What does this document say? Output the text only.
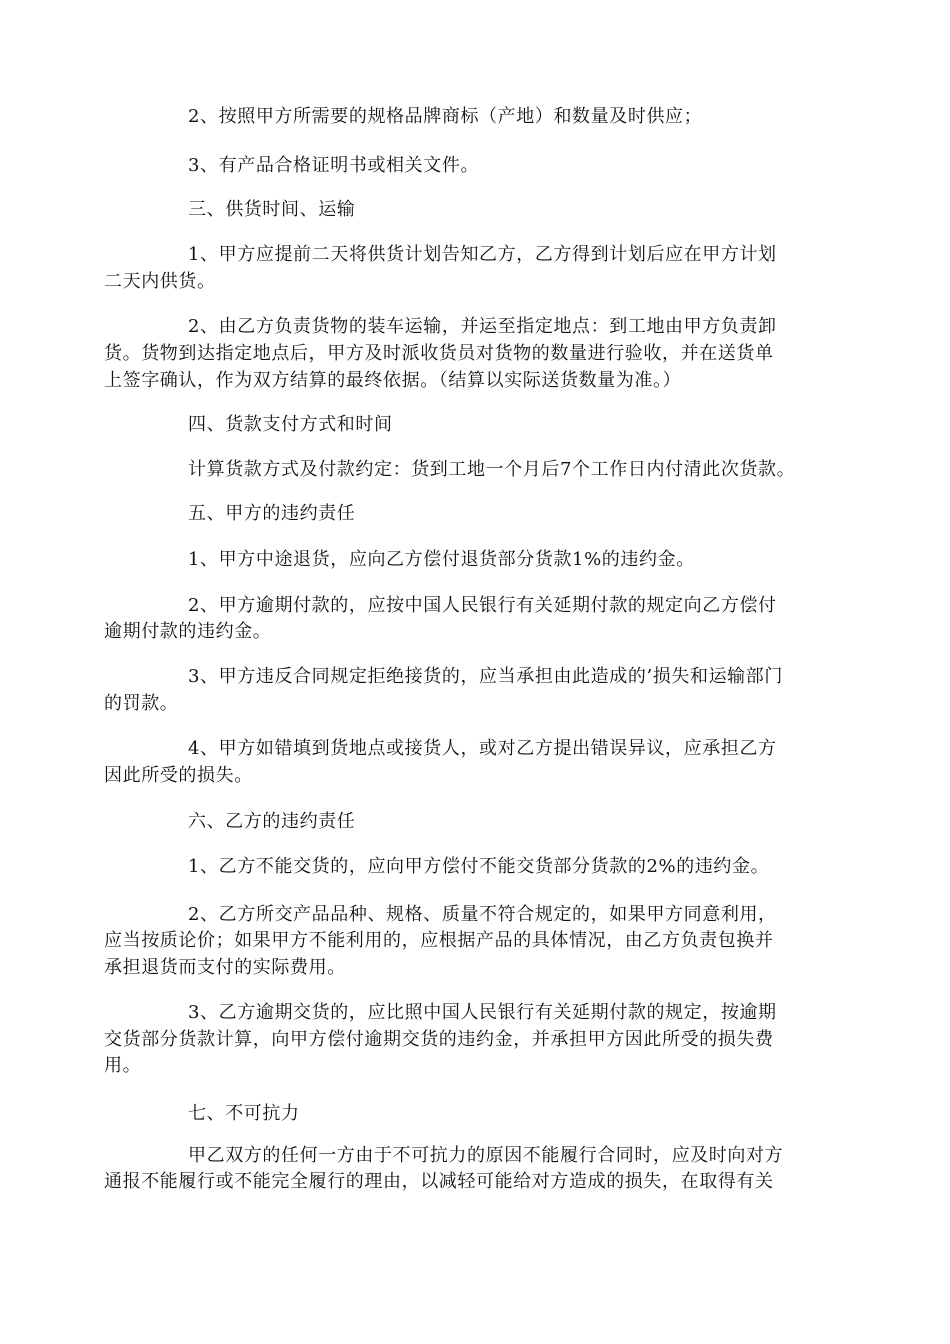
2、按照甲方所需要的规格品牌商标（产地）和数量及时供应；
3、有产品合格证明书或相关文件。
三、供货时间、运输
1、甲方应提前二天将供货计划告知乙方，乙方得到计划后应在甲方计划
二天内供货。
2、由乙方负责货物的装车运输，并运至指定地点：到工地由甲方负责卸
货。货物到达指定地点后，甲方及时派收货员对货物的数量进行验收，并在送货单
上签字确认，作为双方结算的最终依据。（结算以实际送货数量为准。）
四、货款支付方式和时间
计算货款方式及付款约定：货到工地一个月后7个工作日内付清此次货款。
五、甲方的违约责任
1、甲方中途退货，应向乙方偿付退货部分货款1%的违约金。
2、甲方逾期付款的，应按中国人民银行有关延期付款的规定向乙方偿付
逾期付款的违约金。
3、甲方违反合同规定拒绝接货的，应当承担由此造成的’损失和运输部门
的罚款。
4、甲方如错填到货地点或接货人，或对乙方提出错误异议，应承担乙方
因此所受的损失。
六、乙方的违约责任
1、乙方不能交货的，应向甲方偿付不能交货部分货款的2%的违约金。
2、乙方所交产品品种、规格、质量不符合规定的，如果甲方同意利用，
应当按质论价；如果甲方不能利用的，应根据产品的具体情况，由乙方负责包换并
承担退货而支付的实际费用。
3、乙方逾期交货的，应比照中国人民银行有关延期付款的规定，按逾期
交货部分货款计算，向甲方偿付逾期交货的违约金，并承担甲方因此所受的损失费
用。
七、不可抗力
甲乙双方的任何一方由于不可抗力的原因不能履行合同时，应及时向对方
通报不能履行或不能完全履行的理由，以减轻可能给对方造成的损失，在取得有关
